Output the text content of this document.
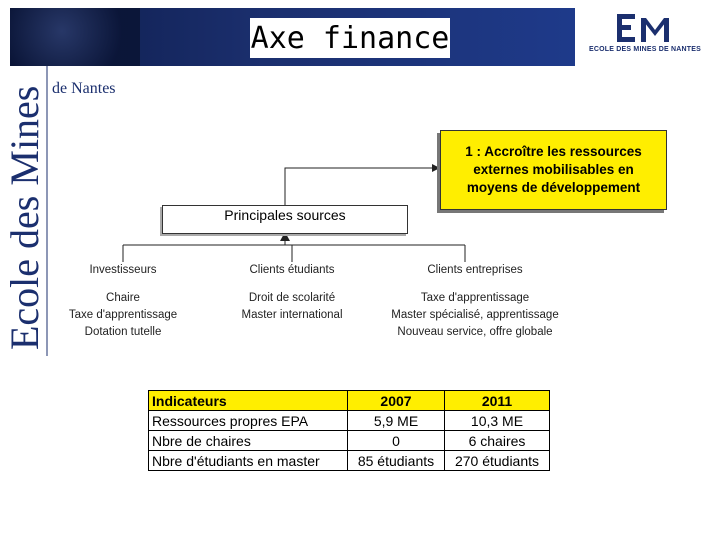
Axe finance	ECOLE DES MINES DE NANTES
Ecole des Mines de Nantes
1 : Accroître les ressources
externes mobilisables en
moyens de développement
Principales sources
Investisseurs
Chaire
Taxe d'apprentissage
Dotation tutelle
Clients étudiants
Droit de scolarité
Master international
Clients entreprises
Taxe d'apprentissage
Master spécialisé, apprentissage
Nouveau service, offre globale
Indicateurs	2007	2011
Ressources propres EPA	5,9 ME	10,3 ME
Nbre de chaires	0	6 chaires
Nbre d'étudiants en master	85 étudiants	270 étudiants
